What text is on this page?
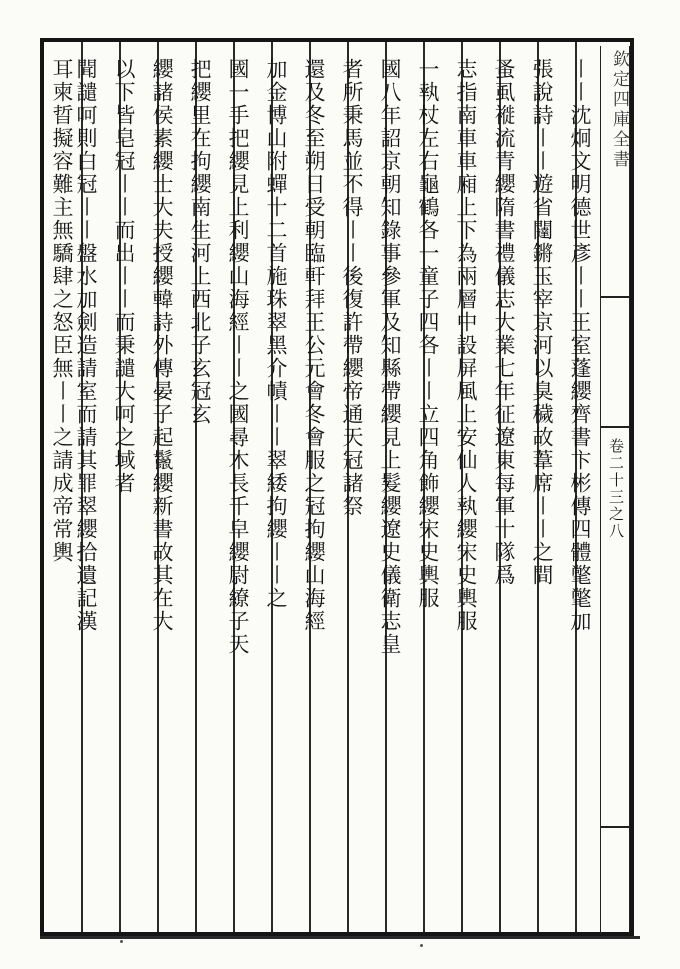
〡〡沈炯文明德世彥〡〡王室蓬纓齊書卞彬傳四體氅氅加
張說詩〡〡遊省闥鏘玉宰京河以臭穢故葦席〡〡之間
蚤虱褷流青纓隋書禮儀志大業七年征遼東每軍十隊爲
志指南車車廂上下為兩層中設屏風上安仙人執纓宋史輿服
一執杖左右龜鶴各一童子四各〡〡立四角飾纓宋史輿服
國八年詔京朝知錄事參軍及知縣帶纓見上髮纓遼史儀衛志皇
者所秉馬並不得〡〡後復許帶纓帝通天冠諸祭
還及冬至朔日受朝臨軒拜王公元會冬會服之冠拘纓山海經
加金博山附蟬十二首施珠翠黑介幘〡〡翠緌拘纓〡〡之
國一手把纓見上利纓山海經〡〡之國尋木長千皁纓尉繚子天
把纓里在拘纓南生河上西北子玄冠玄
纓諸侯素纓士大夫授纓韓詩外傳晏子起鬣纓新書故其在大
以下皆皂冠〡〡而出〡〡而秉譴大呵之域者
聞譴呵則白冠〡〡盤水加劍造請室而請其罪翠纓拾遺記漢
耳柬晢擬容難主無驕肆之怒臣無〡〡之請成帝常輿	欽定四庫全書
卷二十三之八
